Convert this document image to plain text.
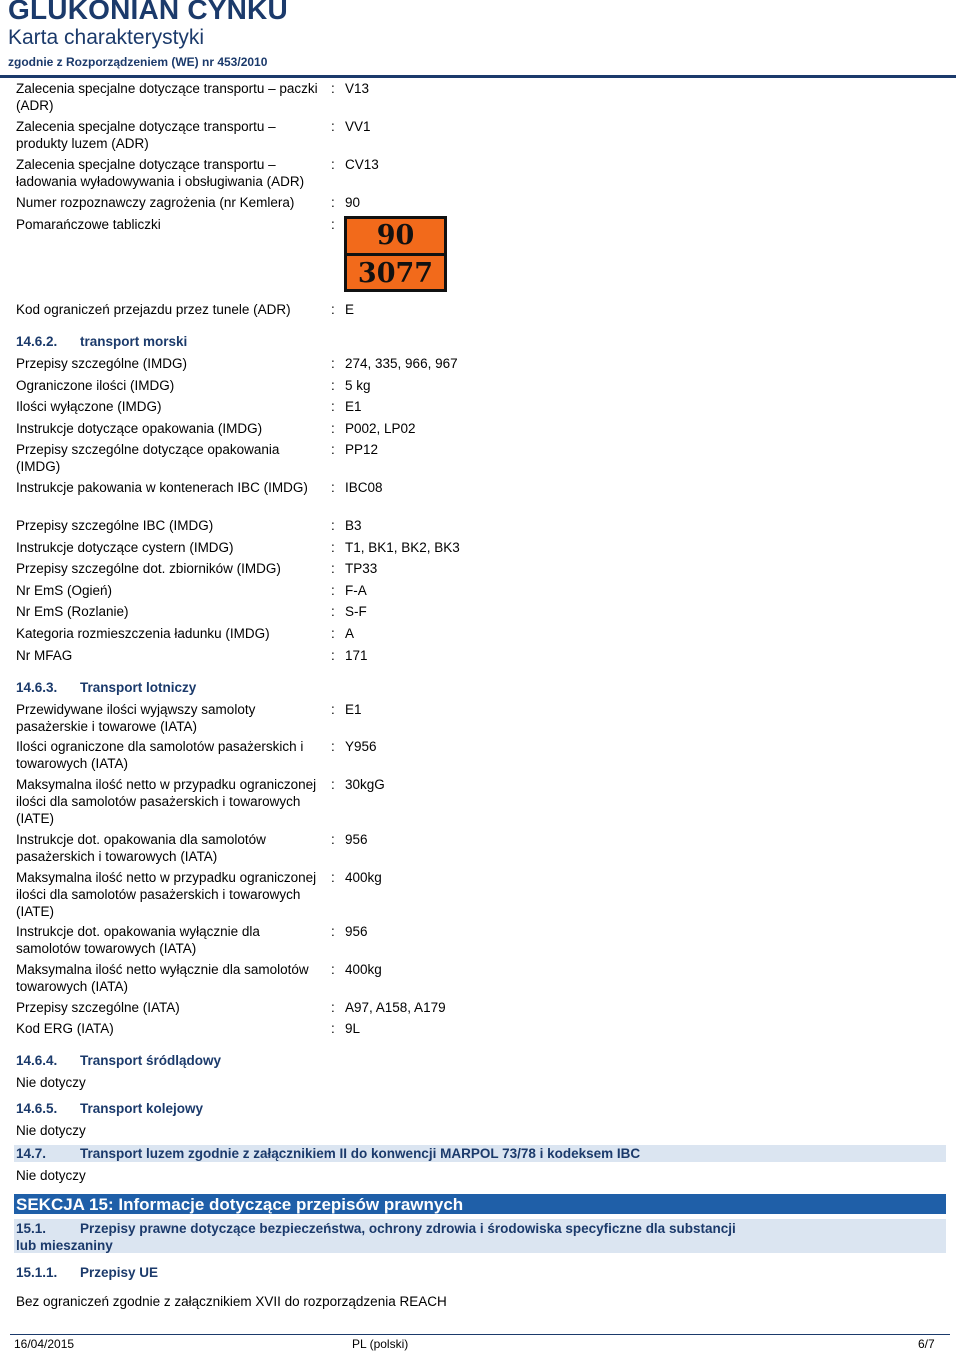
GLUKONIAN CYNKU
Karta charakterystyki
zgodnie z Rozporządzeniem (WE) nr 453/2010
Zalecenia specjalne dotyczące transportu – paczki (ADR)
: V13
Zalecenia specjalne dotyczące transportu – produkty luzem (ADR)
: VV1
Zalecenia specjalne dotyczące transportu – ładowania wyładowywania i obsługiwania (ADR)
: CV13
Numer rozpoznawczy zagrożenia (nr Kemlera)	: 90
Pomarańczowe tabliczki	:	90
3077
Kod ograniczeń przejazdu przez tunele (ADR)	: E
14.6.2. transport morski
Przepisy szczególne (IMDG)	: 274, 335, 966, 967
Ograniczone ilości (IMDG)	: 5 kg
Ilości wyłączone (IMDG)	: E1
Instrukcje dotyczące opakowania (IMDG)	: P002, LP02
Przepisy szczególne dotyczące opakowania (IMDG)
: PP12
Instrukcje pakowania w kontenerach IBC (IMDG)	: IBC08
Przepisy szczególne IBC (IMDG)	: B3
Instrukcje dotyczące cystern (IMDG)	: T1, BK1, BK2, BK3
Przepisy szczególne dot. zbiorników (IMDG)	: TP33
Nr EmS (Ogień)	: F-A
Nr EmS (Rozlanie)	: S-F
Kategoria rozmieszczenia ładunku (IMDG)	: A
Nr MFAG	: 171
14.6.3. Transport lotniczy
Przewidywane ilości wyjąwszy samoloty pasażerskie i towarowe (IATA)
: E1
Ilości ograniczone dla samolotów pasażerskich i towarowych (IATA)
: Y956
Maksymalna ilość netto w przypadku ograniczonej ilości dla samolotów pasażerskich i towarowych (IATE)
: 30kgG
Instrukcje dot. opakowania dla samolotów pasażerskich i towarowych (IATA)
: 956
Maksymalna ilość netto w przypadku ograniczonej ilości dla samolotów pasażerskich i towarowych (IATE)
: 400kg
Instrukcje dot. opakowania wyłącznie dla samolotów towarowych (IATA)
: 956
Maksymalna ilość netto wyłącznie dla samolotów towarowych (IATA)
: 400kg
Przepisy szczególne (IATA)	: A97, A158, A179
Kod ERG (IATA)	: 9L
14.6.4. Transport śródlądowy
Nie dotyczy
14.6.5. Transport kolejowy
Nie dotyczy
14.7.	Transport luzem zgodnie z załącznikiem II do konwencji MARPOL 73/78 i kodeksem IBC
Nie dotyczy
SEKCJA 15: Informacje dotyczące przepisów prawnych
15.1.	Przepisy prawne dotyczące bezpieczeństwa, ochrony zdrowia i środowiska specyficzne dla substancji
lub mieszaniny
15.1.1. Przepisy UE
Bez ograniczeń zgodnie z załącznikiem XVII do rozporządzenia REACH
16/04/2015	PL (polski)	6/7
